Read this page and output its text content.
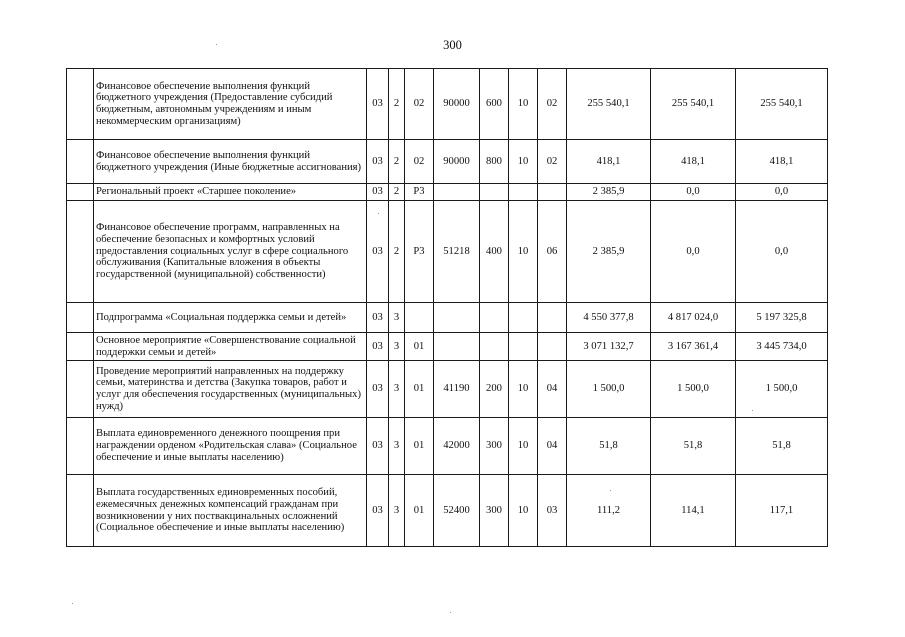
300
	Финансовое обеспечение выполнения функций бюджетного учреждения (Предоставление субсидий бюджетным, автономным учреждениям и иным некоммерческим организациям)	03	2	02	90000	600	10	02	255 540,1	255 540,1	255 540,1
	Финансовое обеспечение выполнения функций бюджетного учреждения (Иные бюджетные ассигнования)	03	2	02	90000	800	10	02	418,1	418,1	418,1
	Региональный проект «Старшее поколение»	03	2	Р3					2 385,9	0,0	0,0
	Финансовое обеспечение программ, направленных на обеспечение безопасных и комфортных условий предоставления социальных услуг в сфере социального обслуживания (Капитальные вложения в объекты государственной (муниципальной) собственности)	03	2	Р3	51218	400	10	06	2 385,9	0,0	0,0
	Подпрограмма «Социальная поддержка семьи и детей»	03	3						4 550 377,8	4 817 024,0	5 197 325,8
	Основное мероприятие «Совершенствование социальной поддержки семьи и детей»	03	3	01					3 071 132,7	3 167 361,4	3 445 734,0
	Проведение мероприятий направленных на поддержку семьи, материнства и детства (Закупка товаров, работ и услуг для обеспечения государственных (муниципальных) нужд)	03	3	01	41190	200	10	04	1 500,0	1 500,0	1 500,0
	Выплата единовременного денежного поощрения при награждении орденом «Родительская слава» (Социальное обеспечение и иные выплаты населению)	03	3	01	42000	300	10	04	51,8	51,8	51,8
	Выплата государственных единовременных пособий, ежемесячных денежных компенсаций гражданам при возникновении у них поствакцинальных осложнений (Социальное обеспечение и иные выплаты населению)	03	3	01	52400	300	10	03	111,2	114,1	117,1
